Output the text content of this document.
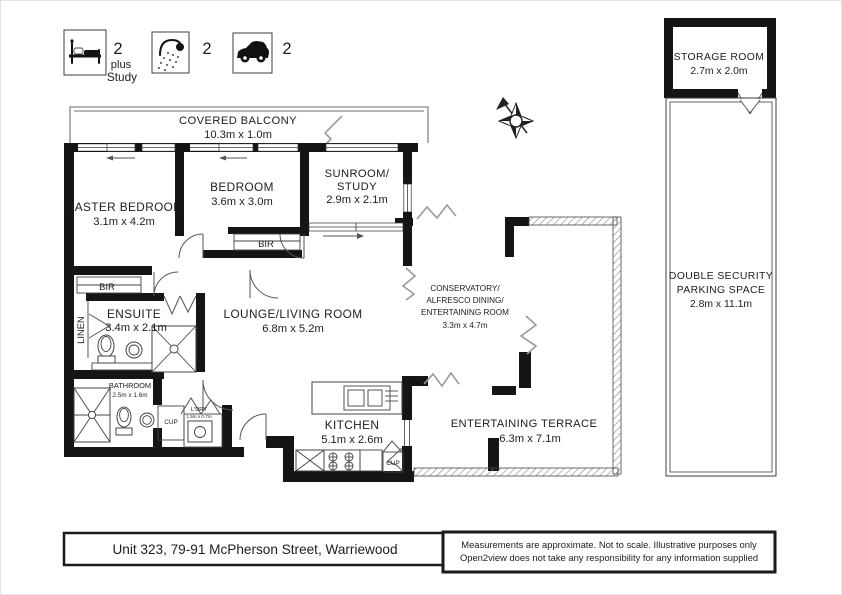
2
plus
Study
2	2
COVERED BALCONY
10.3m x 1.0m
MASTER BEDROOM
3.1m x 4.2m
BEDROOM
3.6m x 3.0m
SUNROOM/
STUDY
2.9m x 2.1m
BIR
BIR
LINEN
ENSUITE
3.4m x 2.1m
LOUNGE/LIVING ROOM
6.8m x 5.2m
CONSERVATORY/
ALFRESCO DINING/
ENTERTAINING ROOM
3.3m x 4.7m
BATHROOM
2.5m x 1.6m
CUP
L'DRY
1.5m x 0.7m
KITCHEN
5.1m x 2.6m
CUP
ENTERTAINING TERRACE
6.3m x 7.1m
STORAGE ROOM
2.7m x 2.0m
DOUBLE SECURITY
PARKING SPACE
2.8m x 11.1m
Unit 323, 79-91 McPherson Street, Warriewood	Measurements are approximate. Not to scale. Illustrative purposes only
Open2view does not take any responsibility for any information supplied
